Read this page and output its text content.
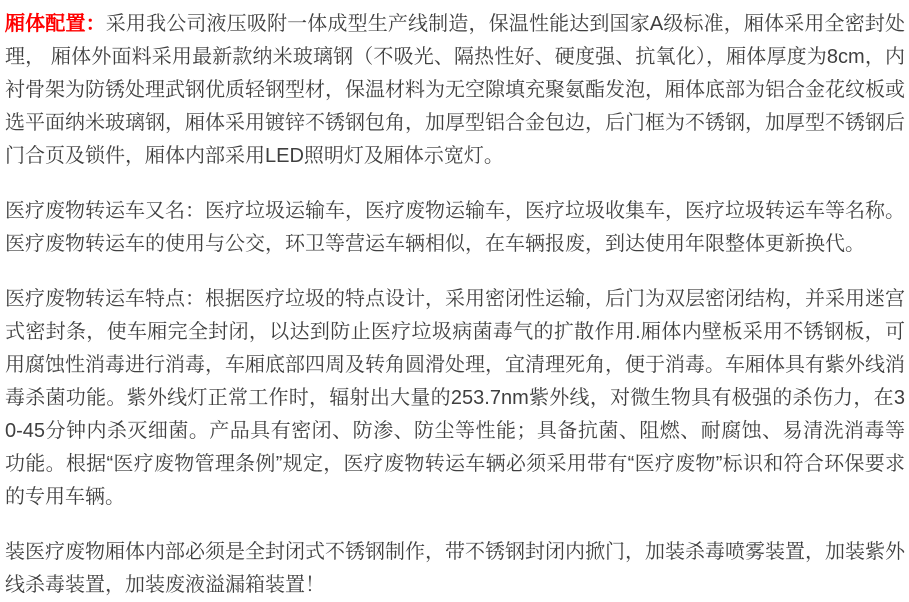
厢体配置：采用我公司液压吸附一体成型生产线制造，保温性能达到国家A级标准，厢体采用全密封处理， 厢体外面料采用最新款纳米玻璃钢（不吸光、隔热性好、硬度强、抗氧化），厢体厚度为8cm，内衬骨架为防锈处理武钢优质轻钢型材，保温材料为无空隙填充聚氨酯发泡，厢体底部为铝合金花纹板或选平面纳米玻璃钢，厢体采用镀锌不锈钢包角，加厚型铝合金包边，后门框为不锈钢，加厚型不锈钢后门合页及锁件，厢体内部采用LED照明灯及厢体示宽灯。

医疗废物转运车又名：医疗垃圾运输车，医疗废物运输车，医疗垃圾收集车，医疗垃圾转运车等名称。医疗废物转运车的使用与公交，环卫等营运车辆相似，在车辆报废，到达使用年限整体更新换代。

医疗废物转运车特点：根据医疗垃圾的特点设计，采用密闭性运输，后门为双层密闭结构，并采用迷宫式密封条，使车厢完全封闭，以达到防止医疗垃圾病菌毒气的扩散作用.厢体内壁板采用不锈钢板，可用腐蚀性消毒进行消毒，车厢底部四周及转角圆滑处理，宜清理死角，便于消毒。车厢体具有紫外线消毒杀菌功能。紫外线灯正常工作时，辐射出大量的253.7nm紫外线，对微生物具有极强的杀伤力，在30-45分钟内杀灭细菌。产品具有密闭、防渗、防尘等性能；具备抗菌、阻燃、耐腐蚀、易清洗消毒等功能。根据“医疗废物管理条例”规定，医疗废物转运车辆必须采用带有“医疗废物”标识和符合环保要求的专用车辆。

装医疗废物厢体内部必须是全封闭式不锈钢制作，带不锈钢封闭内掀门，加装杀毒喷雾装置，加装紫外线杀毒装置，加装废液溢漏箱装置！
